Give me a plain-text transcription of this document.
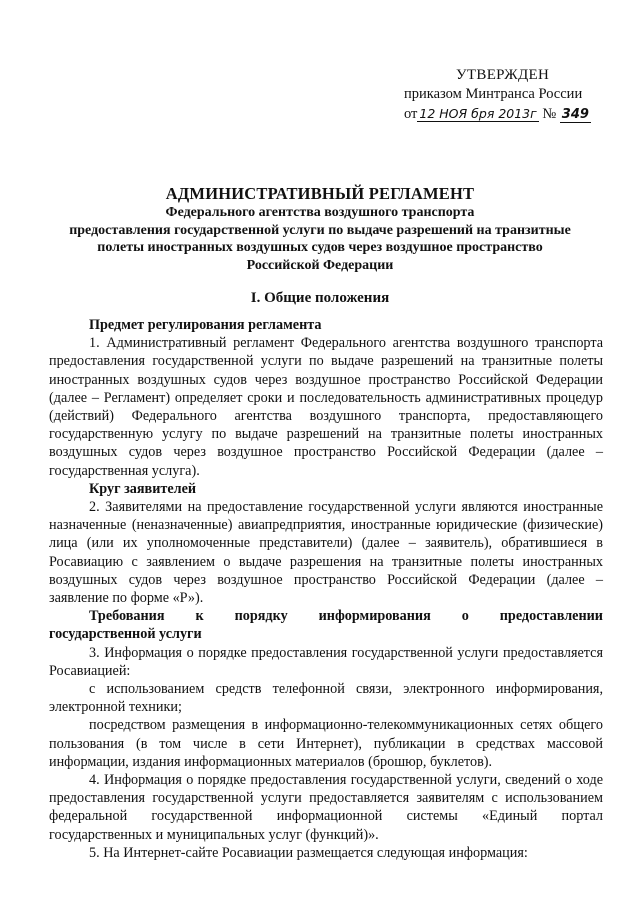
УТВЕРЖДЕН
приказом Минтранса России
от 12 НОЯ бря 2013г № 349
АДМИНИСТРАТИВНЫЙ РЕГЛАМЕНТ
Федерального агентства воздушного транспорта
предоставления государственной услуги по выдаче разрешений на транзитные
полеты иностранных воздушных судов через воздушное пространство
Российской Федерации
I. Общие положения

Предмет регулирования регламента

1. Административный регламент Федерального агентства воздушного транспорта предоставления государственной услуги по выдаче разрешений на транзитные полеты иностранных воздушных судов через воздушное пространство Российской Федерации (далее – Регламент) определяет сроки и последовательность административных процедур (действий) Федерального агентства воздушного транспорта, предоставляющего государственную услугу по выдаче разрешений на транзитные полеты иностранных воздушных судов через воздушное пространство Российской Федерации (далее – государственная услуга).

Круг заявителей

2. Заявителями на предоставление государственной услуги являются иностранные назначенные (неназначенные) авиапредприятия, иностранные юридические (физические) лица (или их уполномоченные представители) (далее – заявитель), обратившиеся в Росавиацию с заявлением о выдаче разрешения на транзитные полеты иностранных воздушных судов через воздушное пространство Российской Федерации (далее – заявление по форме «Р»).

Требования к порядку информирования о предоставлении

государственной услуги

3. Информация о порядке предоставления государственной услуги предоставляется Росавиацией:

с использованием средств телефонной связи, электронного информирования, электронной техники;

посредством размещения в информационно-телекоммуникационных сетях общего пользования (в том числе в сети Интернет), публикации в средствах массовой информации, издания информационных материалов (брошюр, буклетов).

4. Информация о порядке предоставления государственной услуги, сведений о ходе предоставления государственной услуги предоставляется заявителям с использованием федеральной государственной информационной системы «Единый портал государственных и муниципальных услуг (функций)».

5. На Интернет-сайте Росавиации размещается следующая информация:
